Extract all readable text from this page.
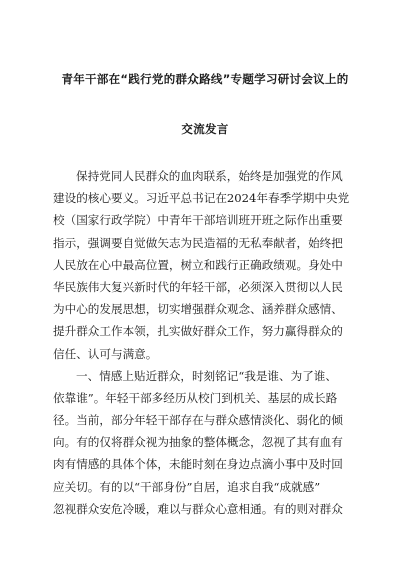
青年干部在“践行党的群众路线”专题学习研讨会议上的
交流发言
保持党同人民群众的血肉联系，始终是加强党的作风
建设的核心要义。习近平总书记在2024年春季学期中央党
校（国家行政学院）中青年干部培训班开班之际作出重要
指示，强调要自觉做矢志为民造福的无私奉献者，始终把
人民放在心中最高位置，树立和践行正确政绩观。身处中
华民族伟大复兴新时代的年轻干部，必须深入贯彻以人民
为中心的发展思想，切实增强群众观念、涵养群众感情、
提升群众工作本领，扎实做好群众工作，努力赢得群众的
信任、认可与满意。
一、情感上贴近群众，时刻铭记“我是谁、为了谁、
依靠谁”。年轻干部多经历从校门到机关、基层的成长路
径。当前，部分年轻干部存在与群众感情淡化、弱化的倾
向。有的仅将群众视为抽象的整体概念，忽视了其有血有
肉有情感的具体个体，未能时刻在身边点滴小事中及时回
应关切。有的以“干部身份”自居，追求自我“成就感”
忽视群众安危冷暖，难以与群众心意相通。有的则对群众
